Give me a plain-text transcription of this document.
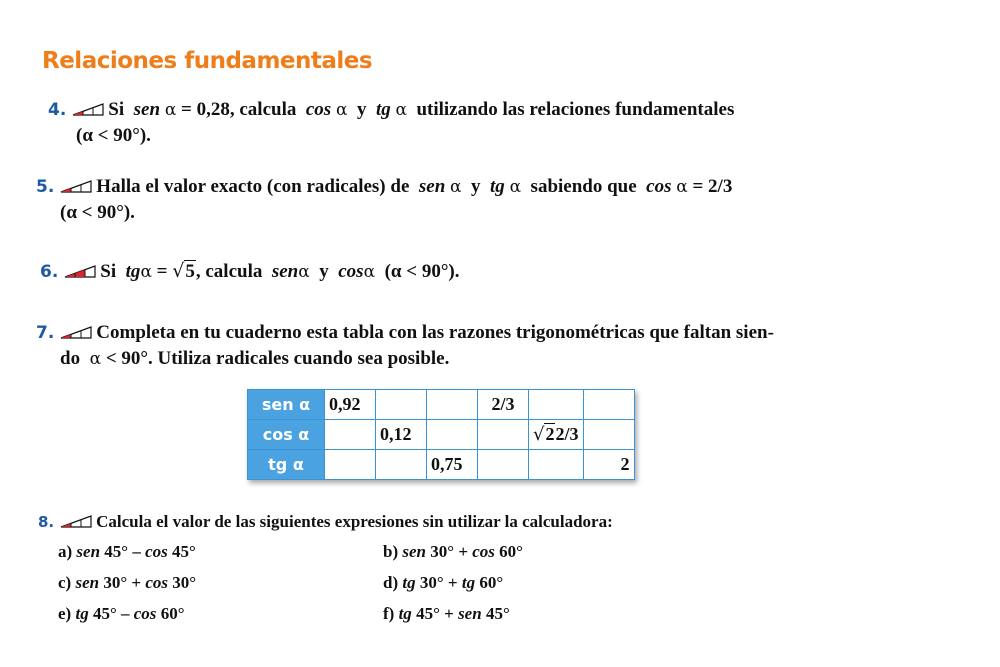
Relaciones fundamentales
4. Si sen α = 0,28, calcula cos α y tg α utilizando las relaciones fundamentales
(α < 90°).
5. Halla el valor exacto (con radicales) de sen α y tg α sabiendo que cos α = 2/3
(α < 90°).
6. Si tgα = √5, calcula senα y cosα (α < 90°).
7. Completa en tu cuaderno esta tabla con las razones trigonométricas que faltan sien-
do α < 90°. Utiliza radicales cuando sea posible.
sen α	0,92			2/3		
cos α		0,12			√22/3	
tg α			0,75			2
8. Calcula el valor de las siguientes expresiones sin utilizar la calculadora:
a) sen 45° – cos 45°	b) sen 30° + cos 60°
c) sen 30° + cos 30°	d) tg 30° + tg 60°
e) tg 45° – cos 60°	f) tg 45° + sen 45°
